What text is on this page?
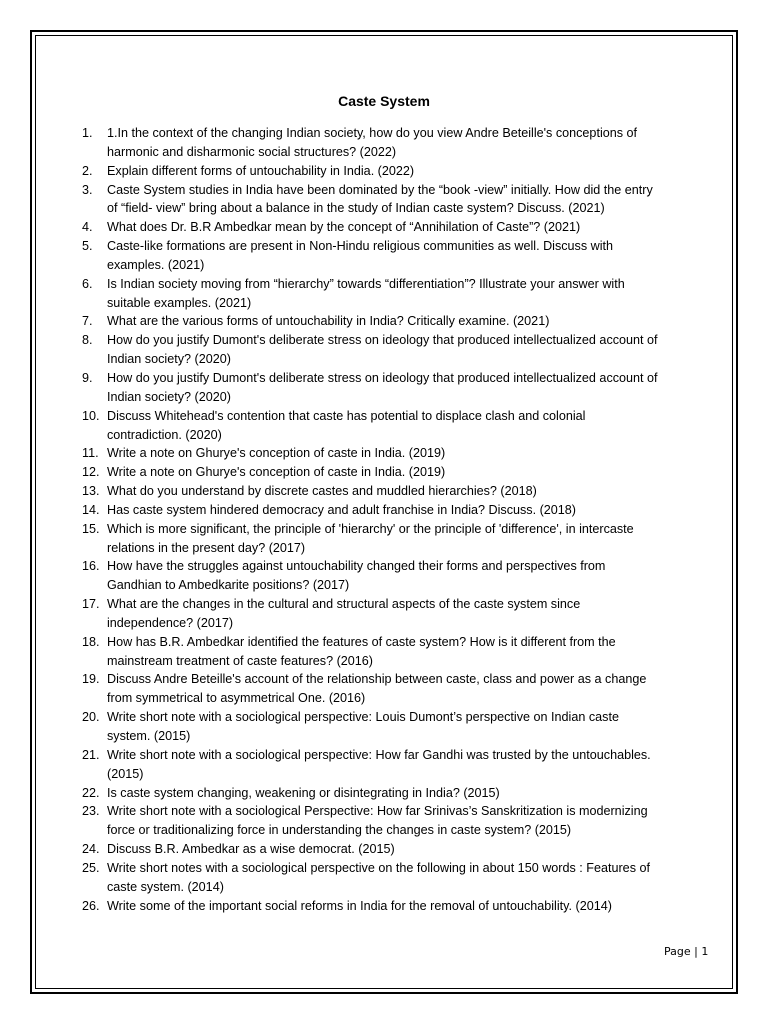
Caste System
1. 1.In the context of the changing Indian society, how do you view Andre Beteille's conceptions of
harmonic and disharmonic social structures? (2022)
2. Explain different forms of untouchability in India. (2022)
3. Caste System studies in India have been dominated by the “book -view” initially. How did the entry
of “field- view” bring about a balance in the study of Indian caste system? Discuss. (2021)
4. What does Dr. B.R Ambedkar mean by the concept of “Annihilation of Caste”? (2021)
5. Caste-like formations are present in Non-Hindu religious communities as well. Discuss with
examples. (2021)
6. Is Indian society moving from “hierarchy” towards “differentiation”? Illustrate your answer with
suitable examples. (2021)
7. What are the various forms of untouchability in India? Critically examine. (2021)
8. How do you justify Dumont's deliberate stress on ideology that produced intellectualized account of
Indian society? (2020)
9. How do you justify Dumont's deliberate stress on ideology that produced intellectualized account of
Indian society? (2020)
10. Discuss Whitehead's contention that caste has potential to displace clash and colonial
contradiction. (2020)
11. Write a note on Ghurye's conception of caste in India. (2019)
12. Write a note on Ghurye's conception of caste in India. (2019)
13. What do you understand by discrete castes and muddled hierarchies? (2018)
14. Has caste system hindered democracy and adult franchise in India? Discuss. (2018)
15. Which is more significant, the principle of 'hierarchy' or the principle of 'difference', in intercaste
relations in the present day? (2017)
16. How have the struggles against untouchability changed their forms and perspectives from
Gandhian to Ambedkarite positions? (2017)
17. What are the changes in the cultural and structural aspects of the caste system since
independence? (2017)
18. How has B.R. Ambedkar identified the features of caste system? How is it different from the
mainstream treatment of caste features? (2016)
19. Discuss Andre Beteille's account of the relationship between caste, class and power as a change
from symmetrical to asymmetrical One. (2016)
20. Write short note with a sociological perspective: Louis Dumont’s perspective on Indian caste
system. (2015)
21. Write short note with a sociological perspective: How far Gandhi was trusted by the untouchables.
(2015)
22. Is caste system changing, weakening or disintegrating in India? (2015)
23. Write short note with a sociological Perspective: How far Srinivas’s Sanskritization is modernizing
force or traditionalizing force in understanding the changes in caste system? (2015)
24. Discuss B.R. Ambedkar as a wise democrat. (2015)
25. Write short notes with a sociological perspective on the following in about 150 words : Features of
caste system. (2014)
26. Write some of the important social reforms in India for the removal of untouchability. (2014)
Page | 1
